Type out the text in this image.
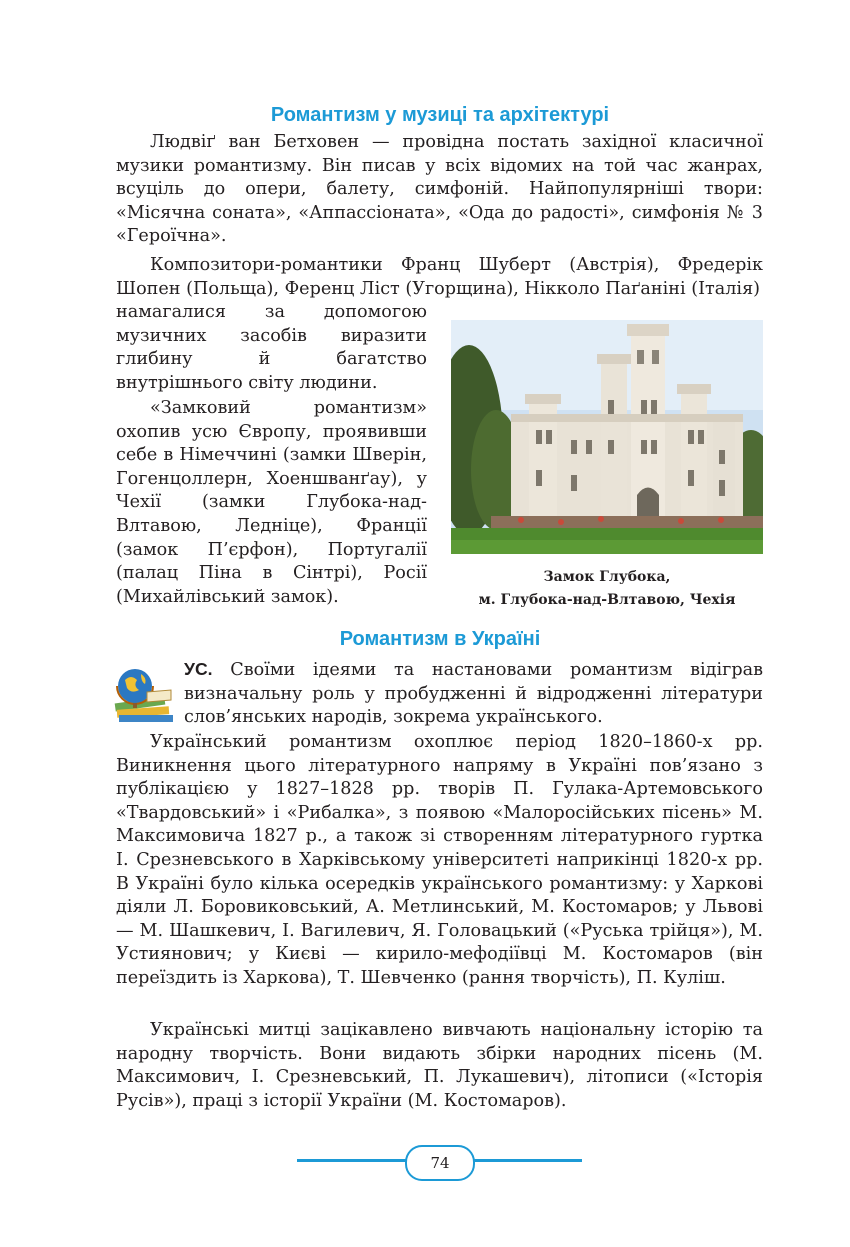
Романтизм у музиці та архітектурі

Людвіґ ван Бетховен — провідна постать західної класичної музики романтизму. Він писав у всіх відомих на той час жанрах, всуціль до опери, балету, симфоній. Найпопулярніші твори: «Місячна соната», «Аппассіоната», «Ода до радості», симфонія № 3 «Героїчна».

Композитори-романтики Франц Шуберт (Австрія), Фредерік Шопен (Польща), Ференц Ліст (Угорщина), Нікколо Паґаніні (Італія)

намагалися за допомогою музичних засобів виразити глибину й багатство внутрішнього світу людини.

«Замковий романтизм» охопив усю Європу, проявивши себе в Німеччині (замки Шверін, Гогенцоллерн, Хоеншванґау), у Чехії (замки Глубока-над-Влтавою, Ледніце), Франції (замок П’єрфон), Португалії (палац Піна в Сінтрі), Росії (Михайлівський замок).

Замок Глубока,
м. Глубока-над-Влтавою, Чехія

Романтизм в Україні

УС. Своїми ідеями та настановами романтизм відіграв визначальну роль у пробудженні й відродженні літератури слов’янських народів, зокрема українського.

Український романтизм охоплює період 1820–1860-х рр. Виникнення цього літературного напряму в Україні пов’язано з публікацією у 1827–1828 рр. творів П. Гулака-Артемовського «Твардовський» і «Рибалка», з появою «Малоросійських пісень» М. Максимовича 1827 р., а також зі створенням літературного гуртка І. Срезневського в Харківському університеті наприкінці 1820-х рр. В Україні було кілька осередків українського романтизму: у Харкові діяли Л. Боровиковський, А. Метлинський, М. Костомаров; у Львові — М. Шашкевич, І. Вагилевич, Я. Головацький («Руська трійця»), М. Устиянович; у Києві — кирило-мефодіївці М. Костомаров (він переїздить із Харкова), Т. Шевченко (рання творчість), П. Куліш.

Українські митці зацікавлено вивчають національну історію та народну творчість. Вони видають збірки народних пісень (М. Максимович, І. Срезневський, П. Лукашевич), літописи («Історія Русів»), праці з історії України (М. Костомаров).

74
